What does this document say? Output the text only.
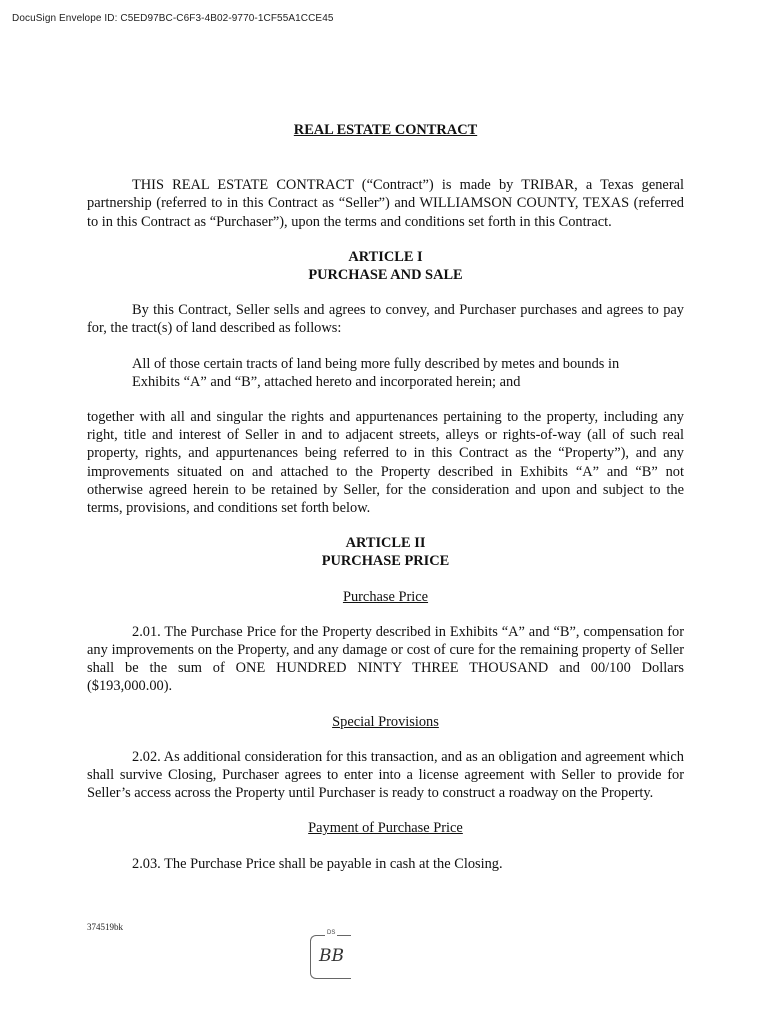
DocuSign Envelope ID: C5ED97BC-C6F3-4B02-9770-1CF55A1CCE45

REAL ESTATE CONTRACT

THIS REAL ESTATE CONTRACT (“Contract”) is made by TRIBAR, a Texas general partnership (referred to in this Contract as “Seller”) and WILLIAMSON COUNTY, TEXAS (referred to in this Contract as “Purchaser”), upon the terms and conditions set forth in this Contract.

ARTICLE I

PURCHASE AND SALE

By this Contract, Seller sells and agrees to convey, and Purchaser purchases and agrees to pay for, the tract(s) of land described as follows:

All of those certain tracts of land being more fully described by metes and bounds in Exhibits “A” and “B”, attached hereto and incorporated herein; and

together with all and singular the rights and appurtenances pertaining to the property, including any right, title and interest of Seller in and to adjacent streets, alleys or rights-of-way (all of such real property, rights, and appurtenances being referred to in this Contract as the “Property”), and any improvements situated on and attached to the Property described in Exhibits “A” and “B” not otherwise agreed herein to be retained by Seller, for the consideration and upon and subject to the terms, provisions, and conditions set forth below.

ARTICLE II

PURCHASE PRICE

Purchase Price

2.01. The Purchase Price for the Property described in Exhibits “A” and “B”, compensation for any improvements on the Property, and any damage or cost of cure for the remaining property of Seller shall be the sum of ONE HUNDRED NINTY THREE THOUSAND and 00/100 Dollars ($193,000.00).

Special Provisions

2.02. As additional consideration for this transaction, and as an obligation and agreement which shall survive Closing, Purchaser agrees to enter into a license agreement with Seller to provide for Seller’s access across the Property until Purchaser is ready to construct a roadway on the Property.

Payment of Purchase Price

2.03. The Purchase Price shall be payable in cash at the Closing.

374519bk
DS
BB
